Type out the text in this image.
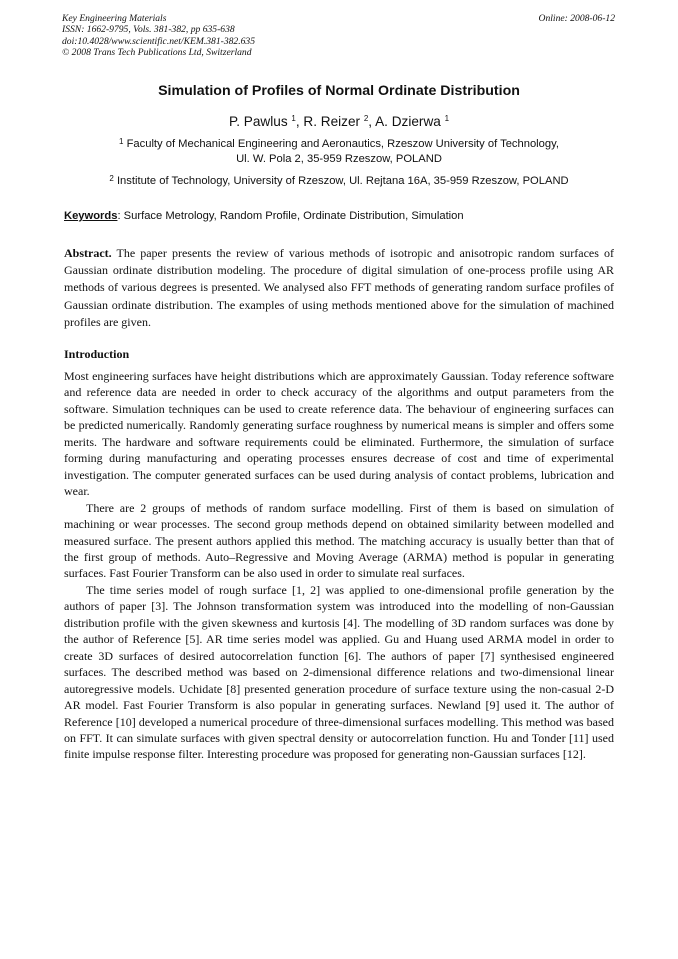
Key Engineering Materials
ISSN: 1662-9795, Vols. 381-382, pp 635-638
doi:10.4028/www.scientific.net/KEM.381-382.635
© 2008 Trans Tech Publications Ltd, Switzerland
Online: 2008-06-12
Simulation of Profiles of Normal Ordinate Distribution
P. Pawlus $^1$, R. Reizer $^2$, A. Dzierwa $^1$
$^1$ Faculty of Mechanical Engineering and Aeronautics, Rzeszow University of Technology,
Ul. W. Pola 2, 35-959 Rzeszow, POLAND
$^2$ Institute of Technology, University of Rzeszow, Ul. Rejtana 16A, 35-959 Rzeszow, POLAND
Keywords: Surface Metrology, Random Profile, Ordinate Distribution, Simulation
Abstract. The paper presents the review of various methods of isotropic and anisotropic random surfaces of Gaussian ordinate distribution modeling. The procedure of digital simulation of one-process profile using AR methods of various degrees is presented. We analysed also FFT methods of generating random surface profiles of Gaussian ordinate distribution. The examples of using methods mentioned above for the simulation of machined profiles are given.
Introduction

Most engineering surfaces have height distributions which are approximately Gaussian. Today reference software and reference data are needed in order to check accuracy of the algorithms and output parameters from the software. Simulation techniques can be used to create reference data. The behaviour of engineering surfaces can be predicted numerically. Randomly generating surface roughness by numerical means is simpler and offers some merits. The hardware and software requirements could be eliminated. Furthermore, the simulation of surface forming during manufacturing and operating processes ensures decrease of cost and time of experimental investigation. The computer generated surfaces can be used during analysis of contact problems, lubrication and wear.

There are 2 groups of methods of random surface modelling. First of them is based on simulation of machining or wear processes. The second group methods depend on obtained similarity between modelled and measured surface. The present authors applied this method. The matching accuracy is usually better than that of the first group of methods. Auto–Regressive and Moving Average (ARMA) method is popular in generating surfaces. Fast Fourier Transform can be also used in order to simulate real surfaces.

The time series model of rough surface [1, 2] was applied to one-dimensional profile generation by the authors of paper [3]. The Johnson transformation system was introduced into the modelling of non-Gaussian distribution profile with the given skewness and kurtosis [4]. The modelling of 3D random surfaces was done by the author of Reference [5]. AR time series model was applied. Gu and Huang used ARMA model in order to create 3D surfaces of desired autocorrelation function [6]. The authors of paper [7] synthesised engineered surfaces. The described method was based on 2-dimensional difference relations and two-dimensional linear autoregressive models. Uchidate [8] presented generation procedure of surface texture using the non-casual 2-D AR model. Fast Fourier Transform is also popular in generating surfaces. Newland [9] used it. The author of Reference [10] developed a numerical procedure of three-dimensional surfaces modelling. This method was based on FFT. It can simulate surfaces with given spectral density or autocorrelation function. Hu and Tonder [11] used finite impulse response filter. Interesting procedure was proposed for generating non-Gaussian surfaces [12].
